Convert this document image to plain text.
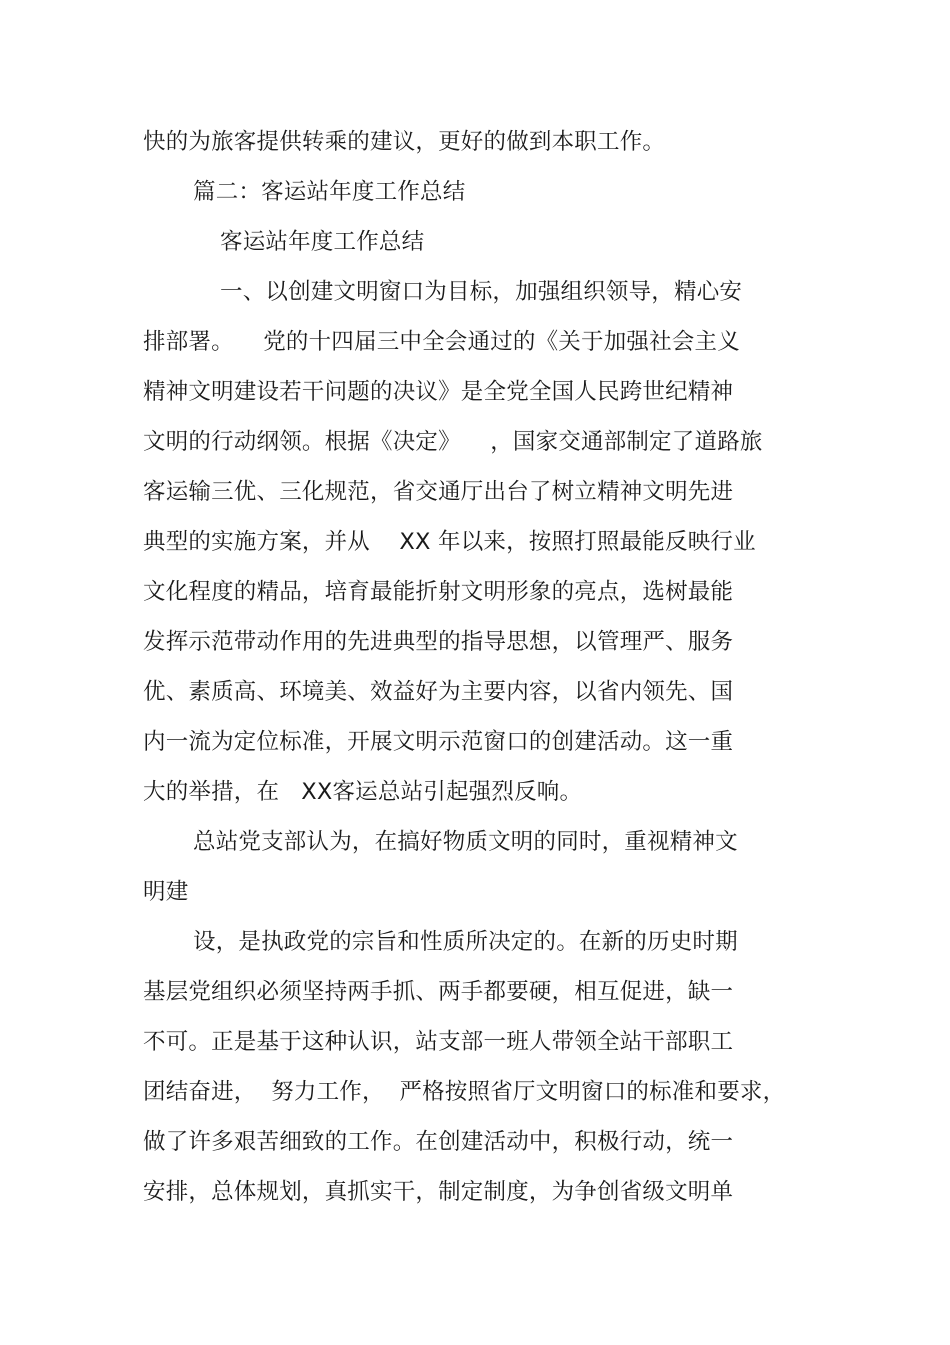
快的为旅客提供转乘的建议，更好的做到本职工作。
篇二：客运站年度工作总结
客运站年度工作总结
一、以创建文明窗口为目标，加强组织领导，精心安
排部署。    党的十四届三中全会通过的《关于加强社会主义
精神文明建设若干问题的决议》是全党全国人民跨世纪精神
文明的行动纲领。根据《决定》    ，国家交通部制定了道路旅
客运输三优、三化规范，省交通厅出台了树立精神文明先进
典型的实施方案，并从    XX 年以来，按照打照最能反映行业
文化程度的精品，培育最能折射文明形象的亮点，选树最能
发挥示范带动作用的先进典型的指导思想，以管理严、服务
优、素质高、环境美、效益好为主要内容，以省内领先、国
内一流为定位标准，开展文明示范窗口的创建活动。这一重
大的举措，在   XX客运总站引起强烈反响。
总站党支部认为，在搞好物质文明的同时，重视精神文
明建
设，是执政党的宗旨和性质所决定的。在新的历史时期
基层党组织必须坚持两手抓、两手都要硬，相互促进，缺一
不可。正是基于这种认识，站支部一班人带领全站干部职工
团结奋进，  努力工作，  严格按照省厅文明窗口的标准和要求，
做了许多艰苦细致的工作。在创建活动中，积极行动，统一
安排，总体规划，真抓实干，制定制度，为争创省级文明单
